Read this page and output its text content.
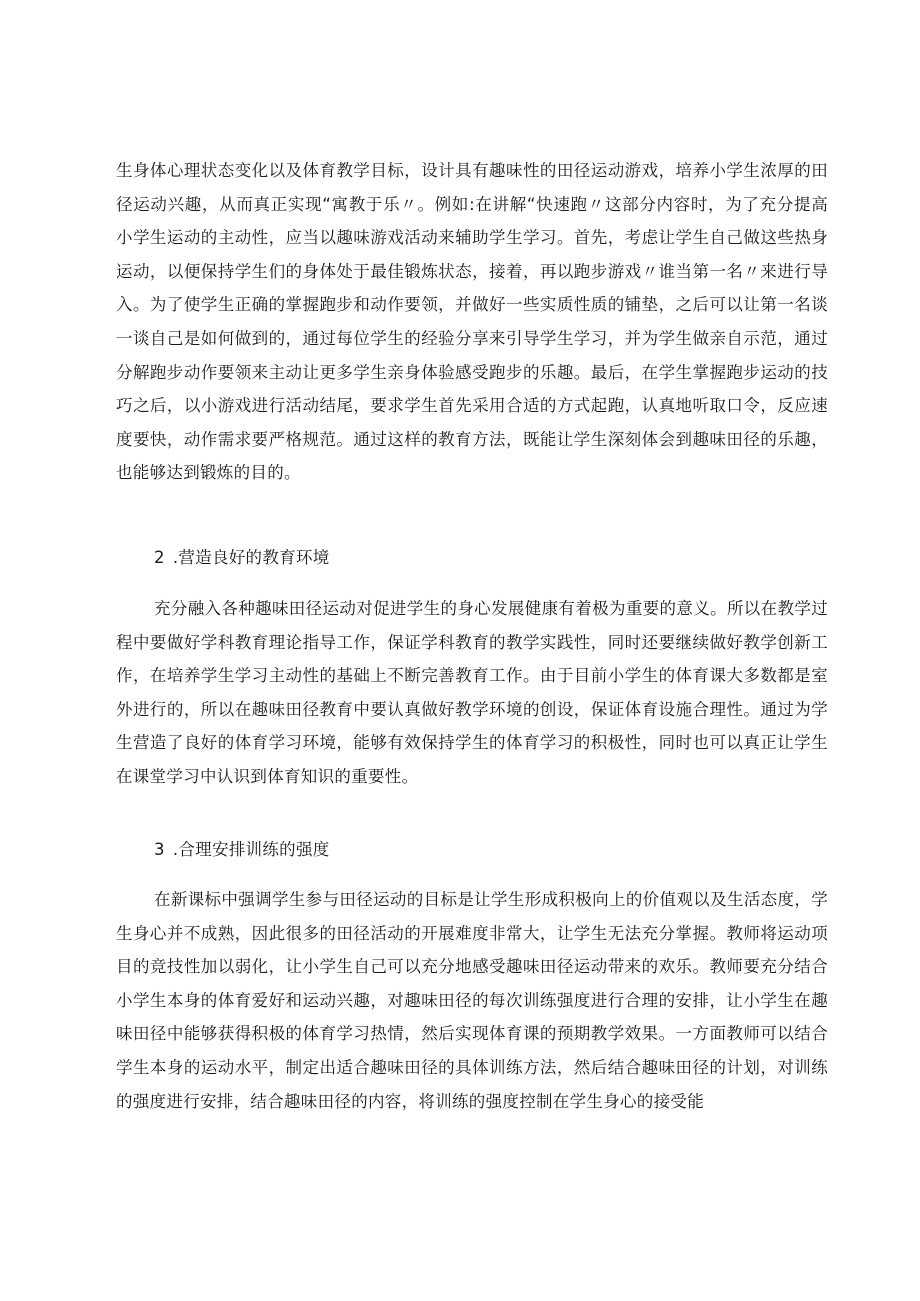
生身体心理状态变化以及体育教学目标，设计具有趣味性的田径运动游戏，培养小学生浓厚的田径运动兴趣，从而真正实现“寓教于乐〃。例如:在讲解“快速跑〃这部分内容时，为了充分提高小学生运动的主动性，应当以趣味游戏活动来辅助学生学习。首先，考虑让学生自己做这些热身运动，以便保持学生们的身体处于最佳锻炼状态，接着，再以跑步游戏〃谁当第一名〃来进行导入。为了使学生正确的掌握跑步和动作要领，并做好一些实质性质的铺垫，之后可以让第一名谈一谈自己是如何做到的，通过每位学生的经验分享来引导学生学习，并为学生做亲自示范，通过分解跑步动作要领来主动让更多学生亲身体验感受跑步的乐趣。最后，在学生掌握跑步运动的技巧之后，以小游戏进行活动结尾，要求学生首先采用合适的方式起跑，认真地听取口令，反应速度要快，动作需求要严格规范。通过这样的教育方法，既能让学生深刻体会到趣味田径的乐趣，也能够达到锻炼的目的。

2 .营造良好的教育环境

充分融入各种趣味田径运动对促进学生的身心发展健康有着极为重要的意义。所以在教学过程中要做好学科教育理论指导工作，保证学科教育的教学实践性，同时还要继续做好教学创新工作，在培养学生学习主动性的基础上不断完善教育工作。由于目前小学生的体育课大多数都是室外进行的，所以在趣味田径教育中要认真做好教学环境的创设，保证体育设施合理性。通过为学生营造了良好的体育学习环境，能够有效保持学生的体育学习的积极性，同时也可以真正让学生在课堂学习中认识到体育知识的重要性。

3 .合理安排训练的强度

在新课标中强调学生参与田径运动的目标是让学生形成积极向上的价值观以及生活态度，学生身心并不成熟，因此很多的田径活动的开展难度非常大，让学生无法充分掌握。教师将运动项目的竞技性加以弱化，让小学生自己可以充分地感受趣味田径运动带来的欢乐。教师要充分结合小学生本身的体育爱好和运动兴趣，对趣味田径的每次训练强度进行合理的安排，让小学生在趣味田径中能够获得积极的体育学习热情，然后实现体育课的预期教学效果。一方面教师可以结合学生本身的运动水平，制定出适合趣味田径的具体训练方法，然后结合趣味田径的计划，对训练的强度进行安排，结合趣味田径的内容，将训练的强度控制在学生身心的接受能
